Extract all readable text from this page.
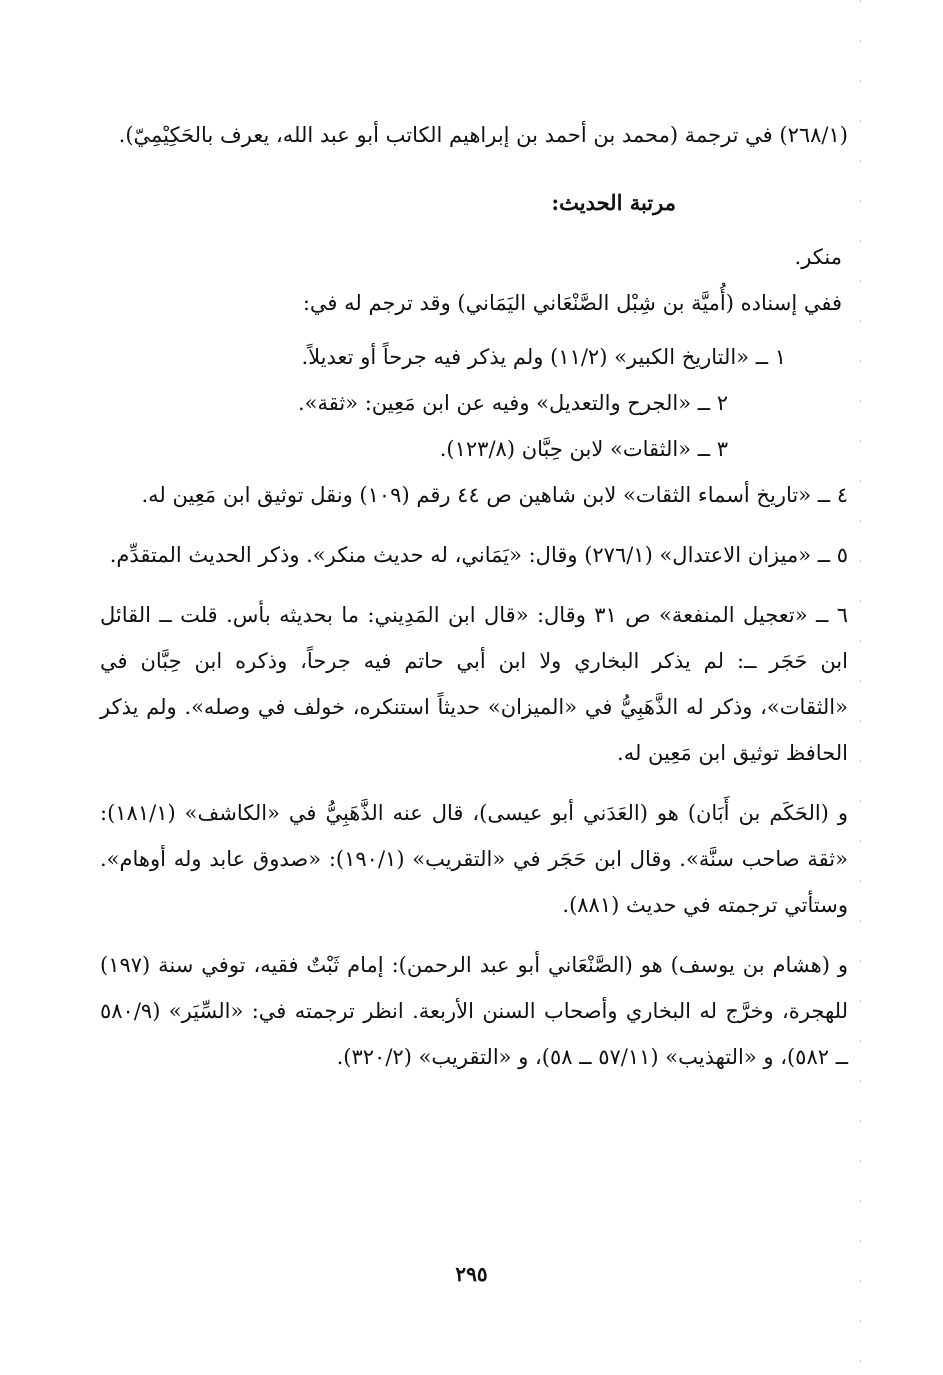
(٢٦٨/١) في ترجمة (محمد بن أحمد بن إبراهيم الكاتب أبو عبد الله، يعرف بالحَكِيْمِيّ).

مرتبة الحديث:

منكر.

ففي إسناده (أُميَّة بن شِبْل الصَّنْعَاني اليَمَاني) وقد ترجم له في:

١ ــ «التاريخ الكبير» (١١/٢) ولم يذكر فيه جرحاً أو تعديلاً.

٢ ــ «الجرح والتعديل» وفيه عن ابن مَعِين: «ثقة».

٣ ــ «الثقات» لابن حِبَّان (١٢٣/٨).

٤ ــ «تاريخ أسماء الثقات» لابن شاهين ص ٤٤ رقم (١٠٩) ونقل توثيق ابن مَعِين له.

٥ ــ «ميزان الاعتدال» (٢٧٦/١) وقال: «يَمَاني، له حديث منكر». وذكر الحديث المتقدِّم.

٦ ــ «تعجيل المنفعة» ص ٣١ وقال: «قال ابن المَدِيني: ما بحديثه بأس. قلت ــ القائل ابن حَجَر ــ: لم يذكر البخاري ولا ابن أبي حاتم فيه جرحاً، وذكره ابن حِبَّان في «الثقات»، وذكر له الذَّهَبِيُّ في «الميزان» حديثاً استنكره، خولف في وصله». ولم يذكر الحافظ توثيق ابن مَعِين له.

و (الحَكَم بن أَبَان) هو (العَدَني أبو عيسى)، قال عنه الذَّهَبِيُّ في «الكاشف» (١٨١/١): «ثقة صاحب سنَّة». وقال ابن حَجَر في «التقريب» (١٩٠/١): «صدوق عابد وله أوهام». وستأتي ترجمته في حديث (٨٨١).

و (هشام بن يوسف) هو (الصَّنْعَاني أبو عبد الرحمن): إمام ثَبْتٌ فقيه، توفي سنة (١٩٧) للهجرة، وخرَّج له البخاري وأصحاب السنن الأربعة. انظر ترجمته في: «السِّيَر» (٥٨٠/٩ ــ ٥٨٢)، و «التهذيب» (٥٧/١١ ــ ٥٨)، و «التقريب» (٣٢٠/٢).

٢٩٥
